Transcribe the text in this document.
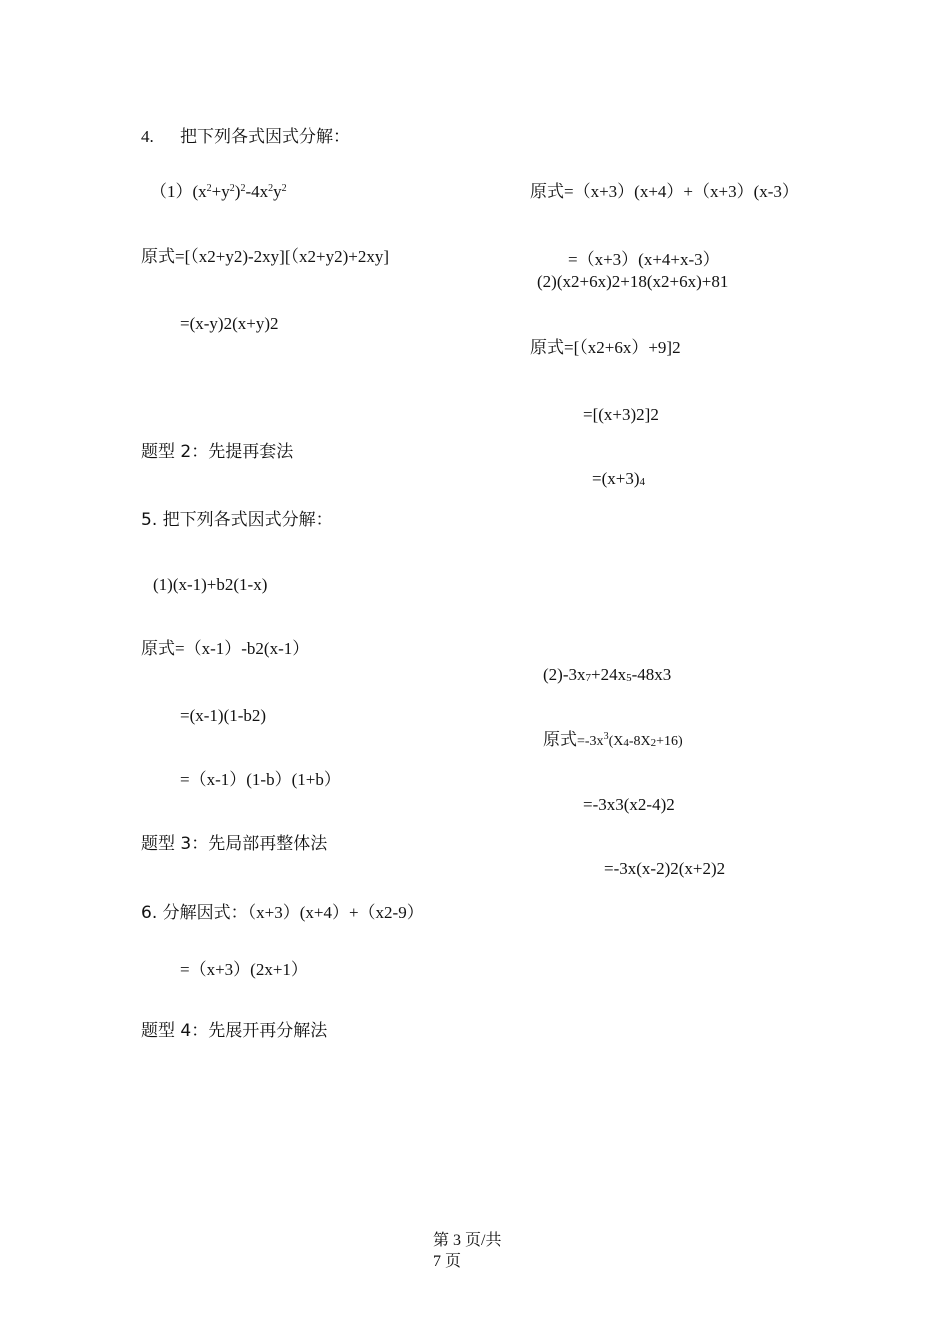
4. 把下列各式因式分解：
$(1)(x^2+y^2)^2-4x^2y^2$
原式=[（x2+y2)-2xy][（x2+y2)+2xy]
=(x-y)2(x+y)2
题型 2：先提再套法
5. 把下列各式因式分解：
(1)(x-1)+b2(1-x)
原式=（x-1）-b2(x-1）
=(x-1)(1-b2)
=（x-1）(1-b）(1+b）
题型 3：先局部再整体法
6. 分解因式：（x+3）(x+4）+（x2-9）
=（x+3）(2x+1）
题型 4：先展开再分解法
原式=（x+3）(x+4）+（x+3）(x-3）
=（x+3）(x+4+x-3）
(2)(x2+6x)2+18(x2+6x)+81
原式=[（x2+6x）+9]2
=[(x+3)2]2
$=(x+3)_4$
$(2)-3x_7+24x_5-48x3$
原式$=-3x^3(X_4-8X_2+16)$
=-3x3(x2-4)2
=-3x(x-2)2(x+2)2
第 3 页/共
7 页
